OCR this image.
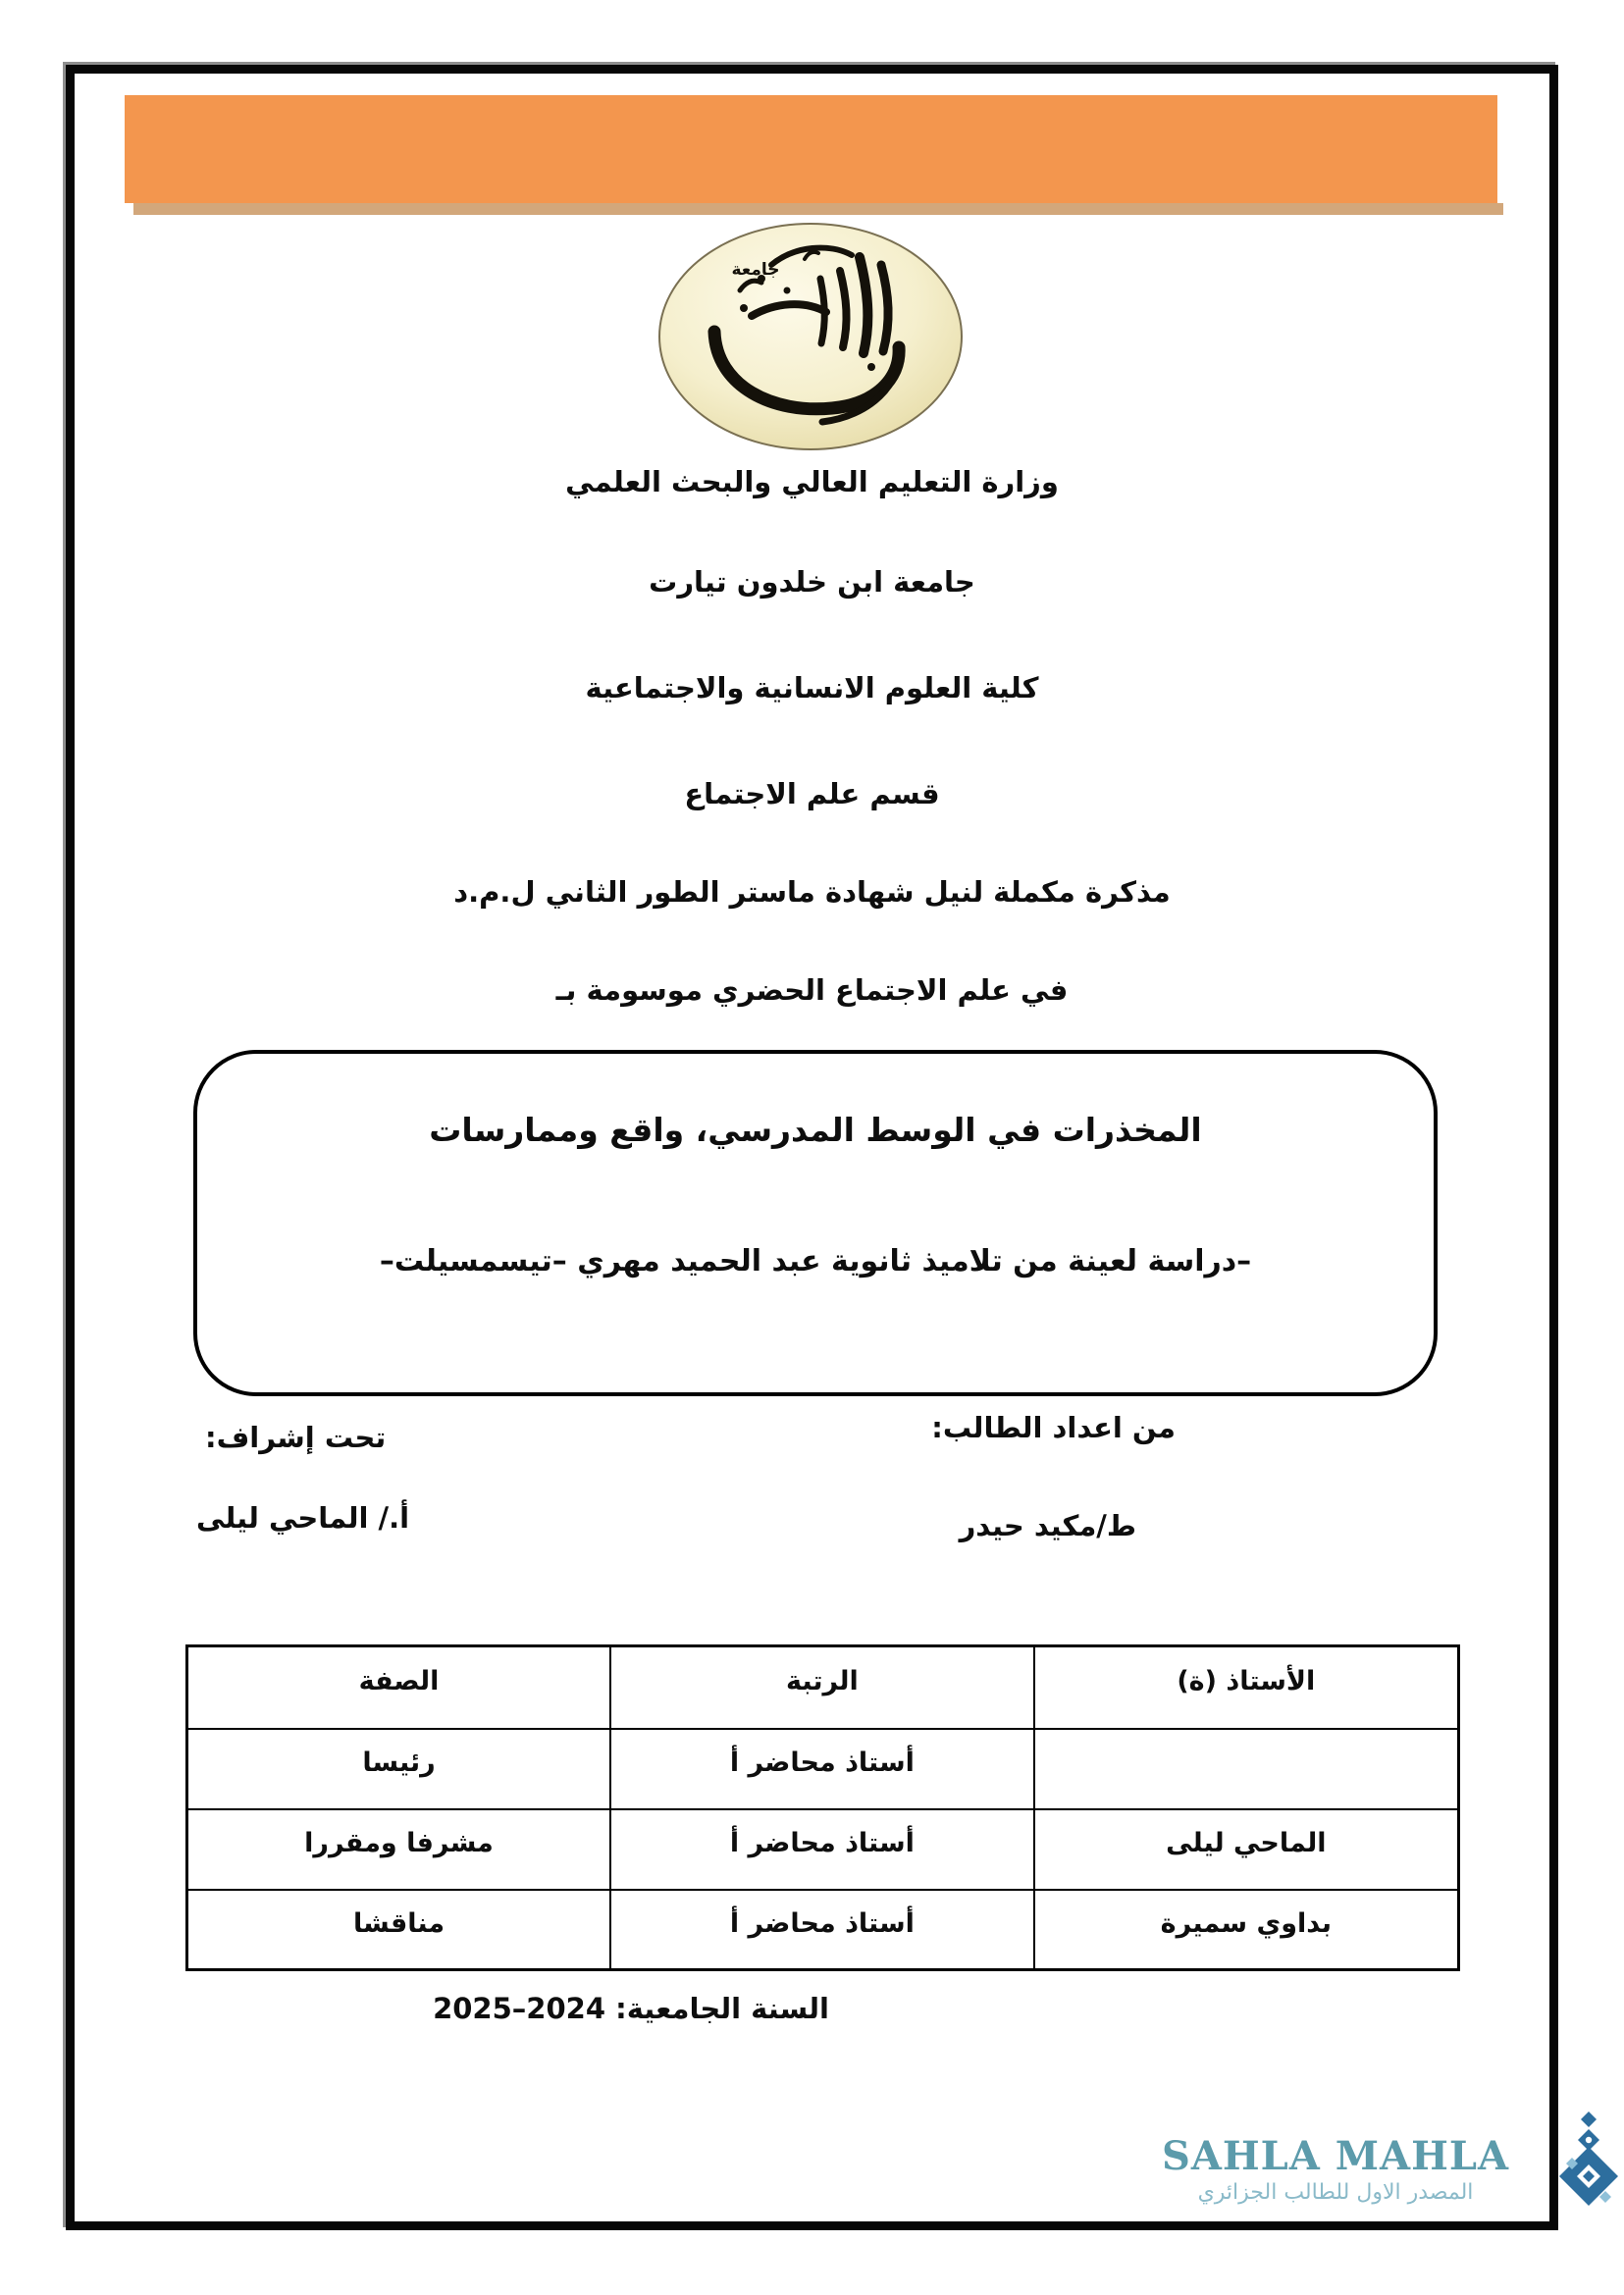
جامعة
وزارة التعليم العالي والبحث العلمي
جامعة ابن خلدون تيارت
كلية العلوم الانسانية والاجتماعية
قسم علم الاجتماع
مذكرة مكملة لنيل شهادة ماستر الطور الثاني ل.م.د
في علم الاجتماع الحضري موسومة بـ
المخذرات في الوسط المدرسي، واقع وممارسات
–دراسة لعينة من تلاميذ ثانوية عبد الحميد مهري –تيسمسيلت–
من اعداد الطالب:
ط/مكيد حيدر
تحت إشراف:
أ./ الماحي ليلى
الأستاذ (ة)	الرتبة	الصفة
	أستاذ محاضر أ	رئيسا
الماحي ليلى	أستاذ محاضر أ	مشرفا ومقررا
بداوي سميرة	أستاذ محاضر أ	مناقشا
السنة الجامعية: 2024–2025
SAHLA MAHLA
المصدر الاول للطالب الجزائري
